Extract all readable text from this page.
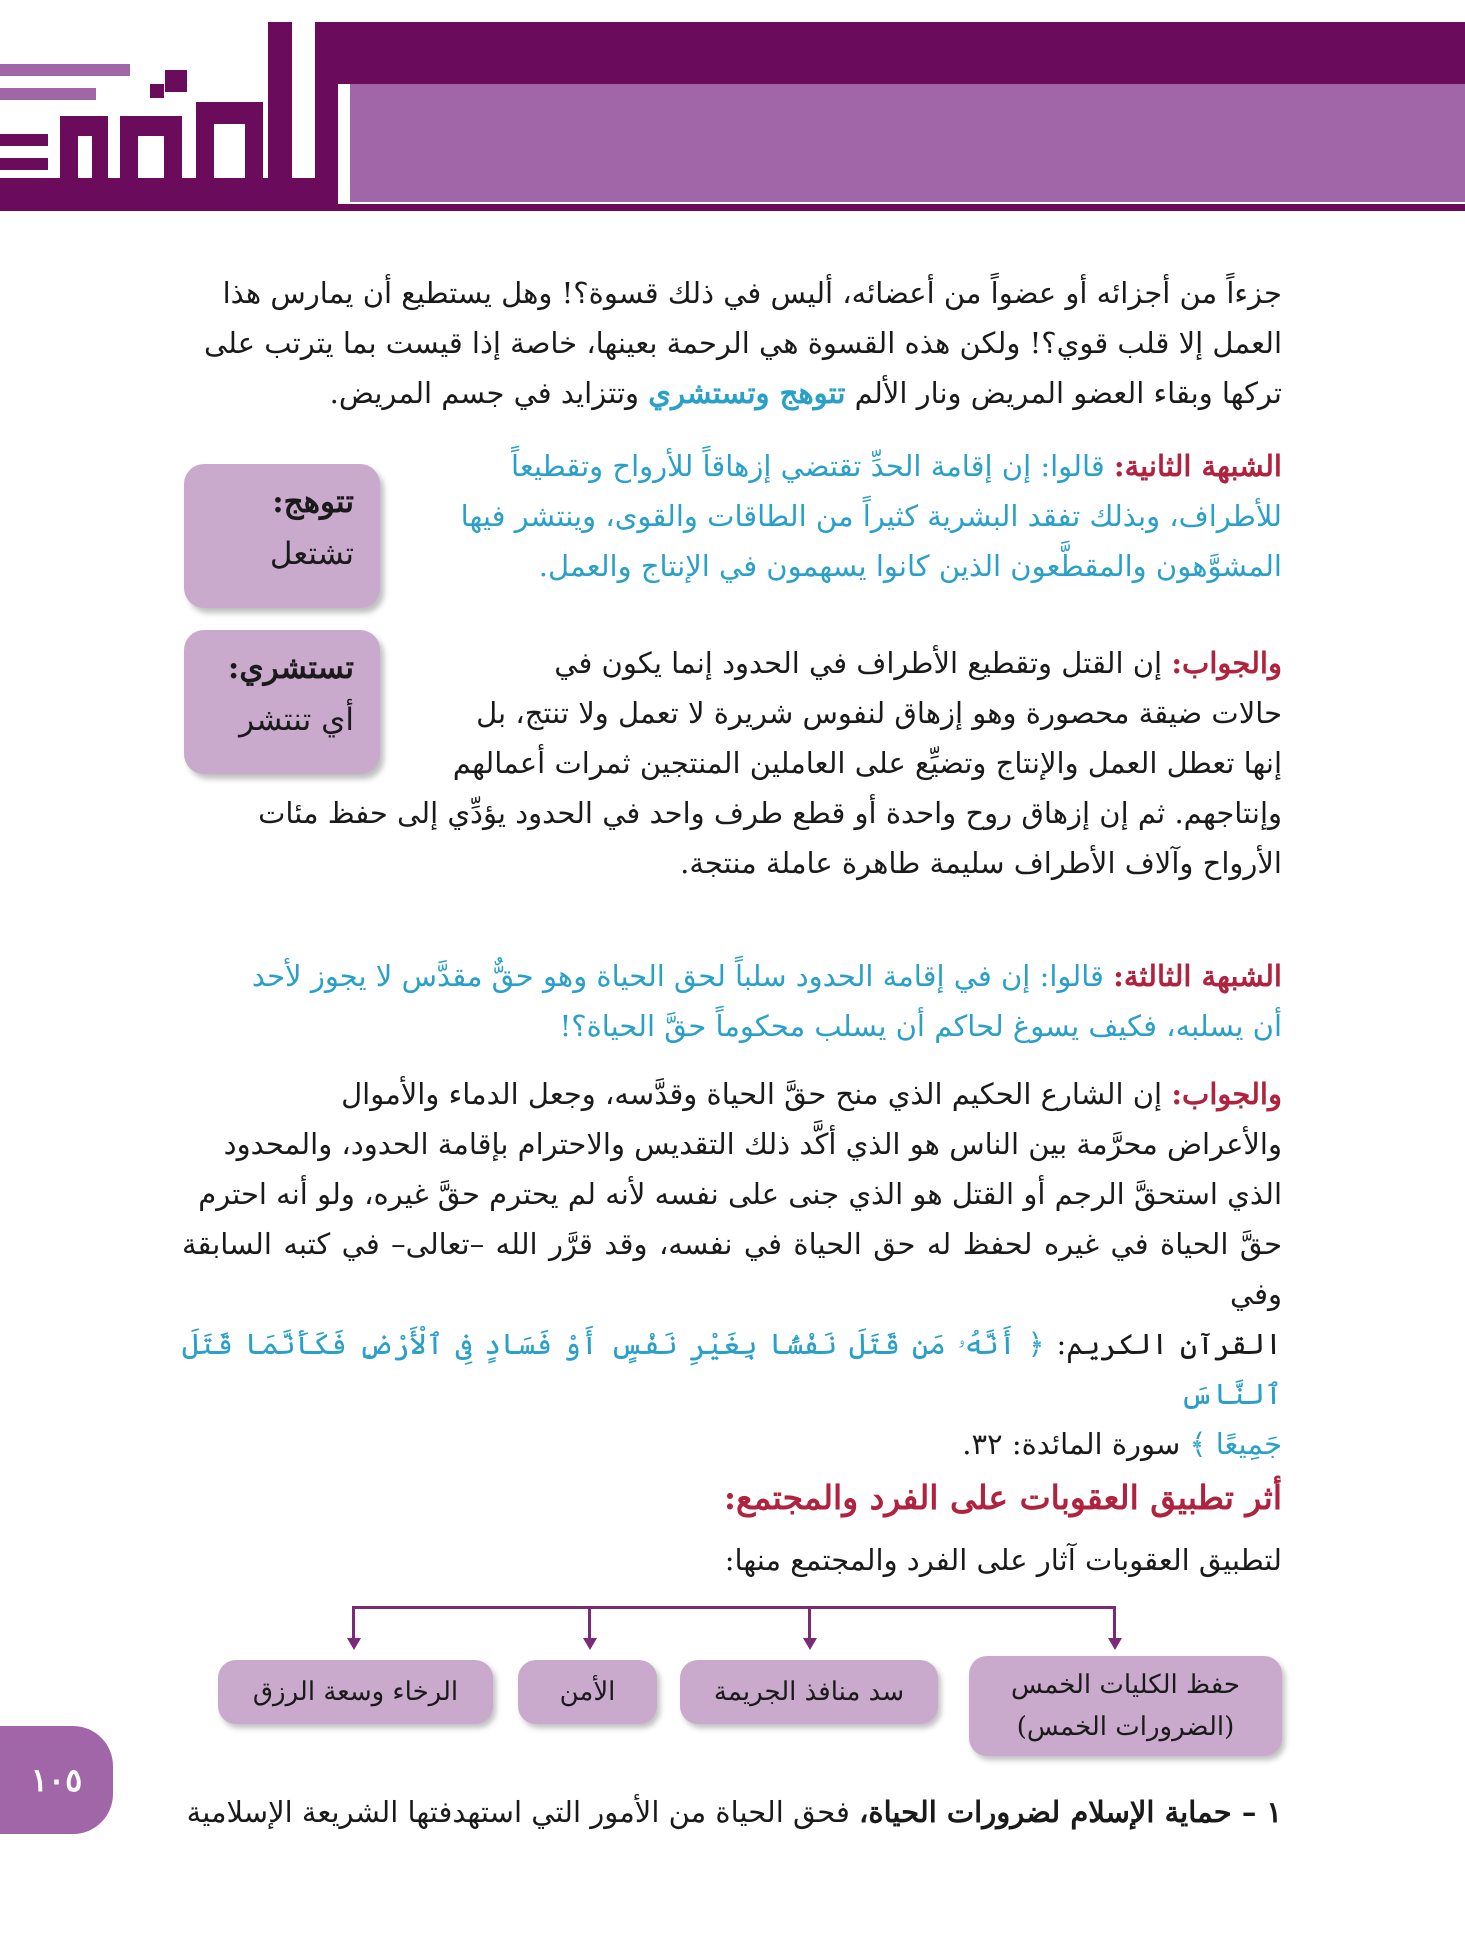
جزءاً من أجزائه أو عضواً من أعضائه، أليس في ذلك قسوة؟! وهل يستطيع أن يمارس هذا

العمل إلا قلب قوي؟! ولكن هذه القسوة هي الرحمة بعينها، خاصة إذا قيست بما يترتب على

تركها وبقاء العضو المريض ونار الألم تتوهج وتستشري وتتزايد في جسم المريض.

الشبهة الثانية: قالوا: إن إقامة الحدِّ تقتضي إزهاقاً للأرواح وتقطيعاً

للأطراف، وبذلك تفقد البشرية كثيراً من الطاقات والقوى، وينتشر فيها

المشوَّهون والمقطَّعون الذين كانوا يسهمون في الإنتاج والعمل.

والجواب: إن القتل وتقطيع الأطراف في الحدود إنما يكون في

حالات ضيقة محصورة وهو إزهاق لنفوس شريرة لا تعمل ولا تنتج، بل

إنها تعطل العمل والإنتاج وتضيِّع على العاملين المنتجين ثمرات أعمالهم

وإنتاجهم. ثم إن إزهاق روح واحدة أو قطع طرف واحد في الحدود يؤدِّي إلى حفظ مئات

الأرواح وآلاف الأطراف سليمة طاهرة عاملة منتجة.

الشبهة الثالثة: قالوا: إن في إقامة الحدود سلباً لحق الحياة وهو حقٌّ مقدَّس لا يجوز لأحد

أن يسلبه، فكيف يسوغ لحاكم أن يسلب محكوماً حقَّ الحياة؟!

والجواب: إن الشارع الحكيم الذي منح حقَّ الحياة وقدَّسه، وجعل الدماء والأموال

والأعراض محرَّمة بين الناس هو الذي أكَّد ذلك التقديس والاحترام بإقامة الحدود، والمحدود

الذي استحقَّ الرجم أو القتل هو الذي جنى على نفسه لأنه لم يحترم حقَّ غيره، ولو أنه احترم

حقَّ الحياة في غيره لحفظ له حق الحياة في نفسه، وقد قرَّر الله –تعالى– في كتبه السابقة وفي

القرآن الكريم: ﴿ أَنَّهُۥ مَن قَتَلَ نَفْسًۢا بِغَيْرِ نَفْسٍ أَوْ فَسَادٍ فِى ٱلْأَرْضِ فَكَأَنَّمَا قَتَلَ ٱلنَّاسَ

جَمِيعًا ﴾ سورة المائدة: ٣٢.

تتوهج:
تشتعل
تستشري:
أي تنتشر
أثر تطبيق العقوبات على الفرد والمجتمع:
لتطبيق العقوبات آثار على الفرد والمجتمع منها:
حفظ الكليات الخمس
(الضرورات الخمس)
سد منافذ الجريمة
الأمن
الرخاء وسعة الرزق
١٠٥
١ – حماية الإسلام لضرورات الحياة، فحق الحياة من الأمور التي استهدفتها الشريعة الإسلامية
